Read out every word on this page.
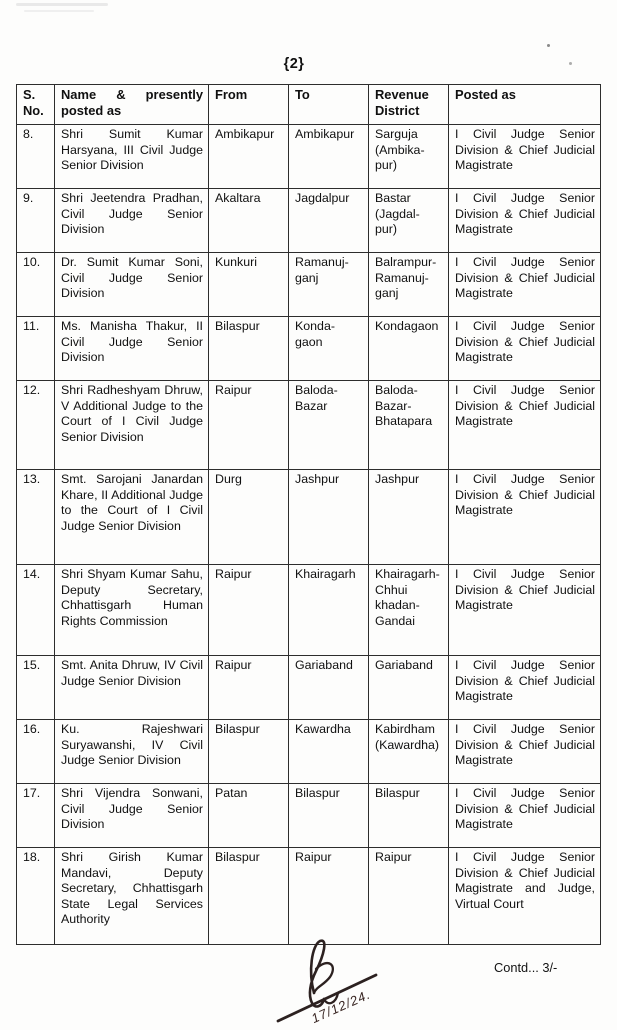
{2}
S. No.	Name & presently posted as	From	To	Revenue District	Posted as
8.	Shri Sumit Kumar Harsyana, III Civil Judge Senior Division	Ambikapur	Ambikapur	Sarguja (Ambika- pur)	I Civil Judge Senior Division & Chief Judicial Magistrate
9.	Shri Jeetendra Pradhan, Civil Judge Senior Division	Akaltara	Jagdalpur	Bastar (Jagdal- pur)	I Civil Judge Senior Division & Chief Judicial Magistrate
10.	Dr. Sumit Kumar Soni, Civil Judge Senior Division	Kunkuri	Ramanuj- ganj	Balrampur- Ramanuj- ganj	I Civil Judge Senior Division & Chief Judicial Magistrate
11.	Ms. Manisha Thakur, II Civil Judge Senior Division	Bilaspur	Konda- gaon	Kondagaon	I Civil Judge Senior Division & Chief Judicial Magistrate
12.	Shri Radheshyam Dhruw, V Additional Judge to the Court of I Civil Judge Senior Division	Raipur	Baloda- Bazar	Baloda- Bazar- Bhatapara	I Civil Judge Senior Division & Chief Judicial Magistrate
13.	Smt. Sarojani Janardan Khare, II Additional Judge to the Court of I Civil Judge Senior Division	Durg	Jashpur	Jashpur	I Civil Judge Senior Division & Chief Judicial Magistrate
14.	Shri Shyam Kumar Sahu, Deputy Secretary, Chhattisgarh Human Rights Commission	Raipur	Khairagarh	Khairagarh- Chhui khadan- Gandai	I Civil Judge Senior Division & Chief Judicial Magistrate
15.	Smt. Anita Dhruw, IV Civil Judge Senior Division	Raipur	Gariaband	Gariaband	I Civil Judge Senior Division & Chief Judicial Magistrate
16.	Ku. Rajeshwari Suryawanshi, IV Civil Judge Senior Division	Bilaspur	Kawardha	Kabirdham (Kawardha)	I Civil Judge Senior Division & Chief Judicial Magistrate
17.	Shri Vijendra Sonwani, Civil Judge Senior Division	Patan	Bilaspur	Bilaspur	I Civil Judge Senior Division & Chief Judicial Magistrate
18.	Shri Girish Kumar Mandavi, Deputy Secretary, Chhattisgarh State Legal Services Authority	Bilaspur	Raipur	Raipur	I Civil Judge Senior Division & Chief Judicial Magistrate and Judge, Virtual Court
17/12/24.
Contd... 3/-
